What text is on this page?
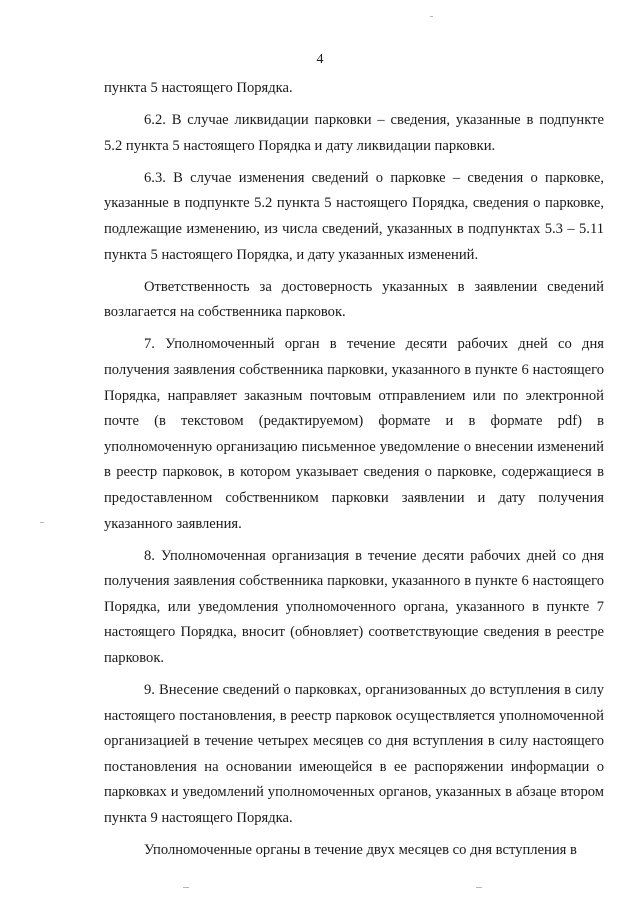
4

пункта 5 настоящего Порядка.

6.2. В случае ликвидации парковки – сведения, указанные в подпункте 5.2 пункта 5 настоящего Порядка и дату ликвидации парковки.

6.3. В случае изменения сведений о парковке – сведения о парковке, указанные в подпункте 5.2 пункта 5 настоящего Порядка, сведения о парковке, подлежащие изменению, из числа сведений, указанных в подпунктах 5.3 – 5.11 пункта 5 настоящего Порядка, и дату указанных изменений.

Ответственность за достоверность указанных в заявлении сведений возлагается на собственника парковок.

7. Уполномоченный орган в течение десяти рабочих дней со дня получения заявления собственника парковки, указанного в пункте 6 настоящего Порядка, направляет заказным почтовым отправлением или по электронной почте (в текстовом (редактируемом) формате и в формате pdf) в уполномоченную организацию письменное уведомление о внесении изменений в реестр парковок, в котором указывает сведения о парковке, содержащиеся в предоставленном собственником парковки заявлении и дату получения указанного заявления.

8. Уполномоченная организация в течение десяти рабочих дней со дня получения заявления собственника парковки, указанного в пункте 6 настоящего Порядка, или уведомления уполномоченного органа, указанного в пункте 7 настоящего Порядка, вносит (обновляет) соответствующие сведения в реестре парковок.

9. Внесение сведений о парковках, организованных до вступления в силу настоящего постановления, в реестр парковок осуществляется уполномоченной организацией в течение четырех месяцев со дня вступления в силу настоящего постановления на основании имеющейся в ее распоряжении информации о парковках и уведомлений уполномоченных органов, указанных в абзаце втором пункта 9 настоящего Порядка.

Уполномоченные органы в течение двух месяцев со дня вступления в
